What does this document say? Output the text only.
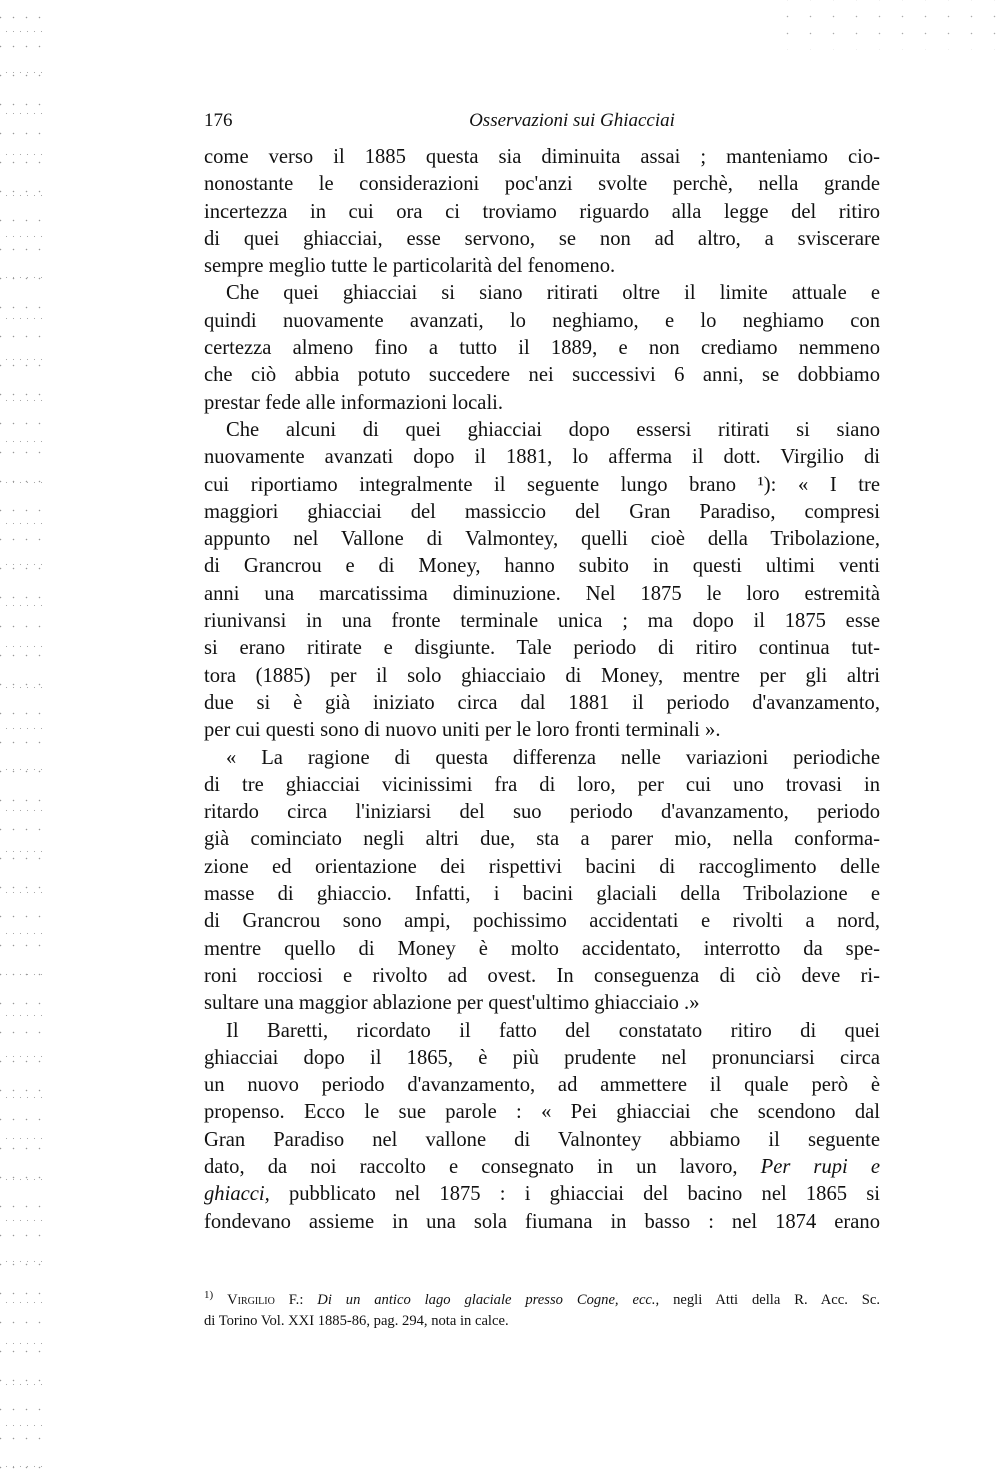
176	Osservazioni sui Ghiacciai
come verso il 1885 questa sia diminuita assai ; manteniamo cio-
nonostante le considerazioni poc'anzi svolte perchè, nella grande
incertezza in cui ora ci troviamo riguardo alla legge del ritiro
di quei ghiacciai, esse servono, se non ad altro, a sviscerare
sempre meglio tutte le particolarità del fenomeno.
Che quei ghiacciai si siano ritirati oltre il limite attuale e
quindi nuovamente avanzati, lo neghiamo, e lo neghiamo con
certezza almeno fino a tutto il 1889, e non crediamo nemmeno
che ciò abbia potuto succedere nei successivi 6 anni, se dobbiamo
prestar fede alle informazioni locali.
Che alcuni di quei ghiacciai dopo essersi ritirati si siano
nuovamente avanzati dopo il 1881, lo afferma il dott. Virgilio di
cui riportiamo integralmente il seguente lungo brano ¹): « I tre
maggiori ghiacciai del massiccio del Gran Paradiso, compresi
appunto nel Vallone di Valmontey, quelli cioè della Tribolazione,
di Grancrou e di Money, hanno subito in questi ultimi venti
anni una marcatissima diminuzione. Nel 1875 le loro estremità
riunivansi in una fronte terminale unica ; ma dopo il 1875 esse
si erano ritirate e disgiunte. Tale periodo di ritiro continua tut-
tora (1885) per il solo ghiacciaio di Money, mentre per gli altri
due si è già iniziato circa dal 1881 il periodo d'avanzamento,
per cui questi sono di nuovo uniti per le loro fronti terminali ».
« La ragione di questa differenza nelle variazioni periodiche
di tre ghiacciai vicinissimi fra di loro, per cui uno trovasi in
ritardo circa l'iniziarsi del suo periodo d'avanzamento, periodo
già cominciato negli altri due, sta a parer mio, nella conforma-
zione ed orientazione dei rispettivi bacini di raccoglimento delle
masse di ghiaccio. Infatti, i bacini glaciali della Tribolazione e
di Grancrou sono ampi, pochissimo accidentati e rivolti a nord,
mentre quello di Money è molto accidentato, interrotto da spe-
roni rocciosi e rivolto ad ovest. In conseguenza di ciò deve ri-
sultare una maggior ablazione per quest'ultimo ghiacciaio .»
Il Baretti, ricordato il fatto del constatato ritiro di quei
ghiacciai dopo il 1865, è più prudente nel pronunciarsi circa
un nuovo periodo d'avanzamento, ad ammettere il quale però è
propenso. Ecco le sue parole : « Pei ghiacciai che scendono dal
Gran Paradiso nel vallone di Valnontey abbiamo il seguente
dato, da noi raccolto e consegnato in un lavoro, Per rupi e
ghiacci, pubblicato nel 1875 : i ghiacciai del bacino nel 1865 si
fondevano assieme in una sola fiumana in basso : nel 1874 erano
$^{1)}$ Virgilio F.: Di un antico lago glaciale presso Cogne, ecc., negli Atti della R. Acc. Sc.
di Torino Vol. XXI 1885-86, pag. 294, nota in calce.
